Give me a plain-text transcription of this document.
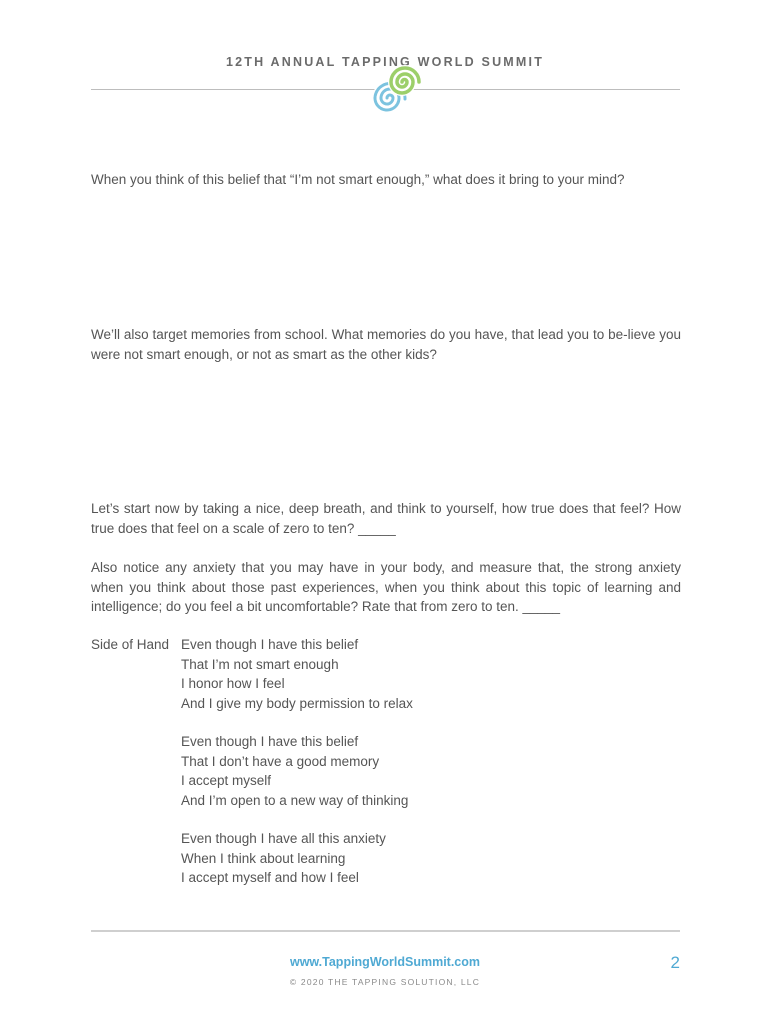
12TH ANNUAL TAPPING WORLD SUMMIT

When you think of this belief that “I’m not smart enough,” what does it bring to your mind?

We’ll also target memories from school. What memories do you have, that lead you to be-lieve you were not smart enough, or not as smart as the other kids?

Let’s start now by taking a nice, deep breath, and think to yourself, how true does that feel? How true does that feel on a scale of zero to ten? _____

Also notice any anxiety that you may have in your body, and measure that, the strong anxiety when you think about those past experiences, when you think about this topic of learning and intelligence; do you feel a bit uncomfortable? Rate that from zero to ten. _____

Side of Hand Even though I have this belief
That I’m not smart enough
I honor how I feel
And I give my body permission to relax
Even though I have this belief
That I don’t have a good memory
I accept myself
And I’m open to a new way of thinking
Even though I have all this anxiety
When I think about learning
I accept myself and how I feel
www.TappingWorldSummit.com
© 2020 THE TAPPING SOLUTION, LLC
2
